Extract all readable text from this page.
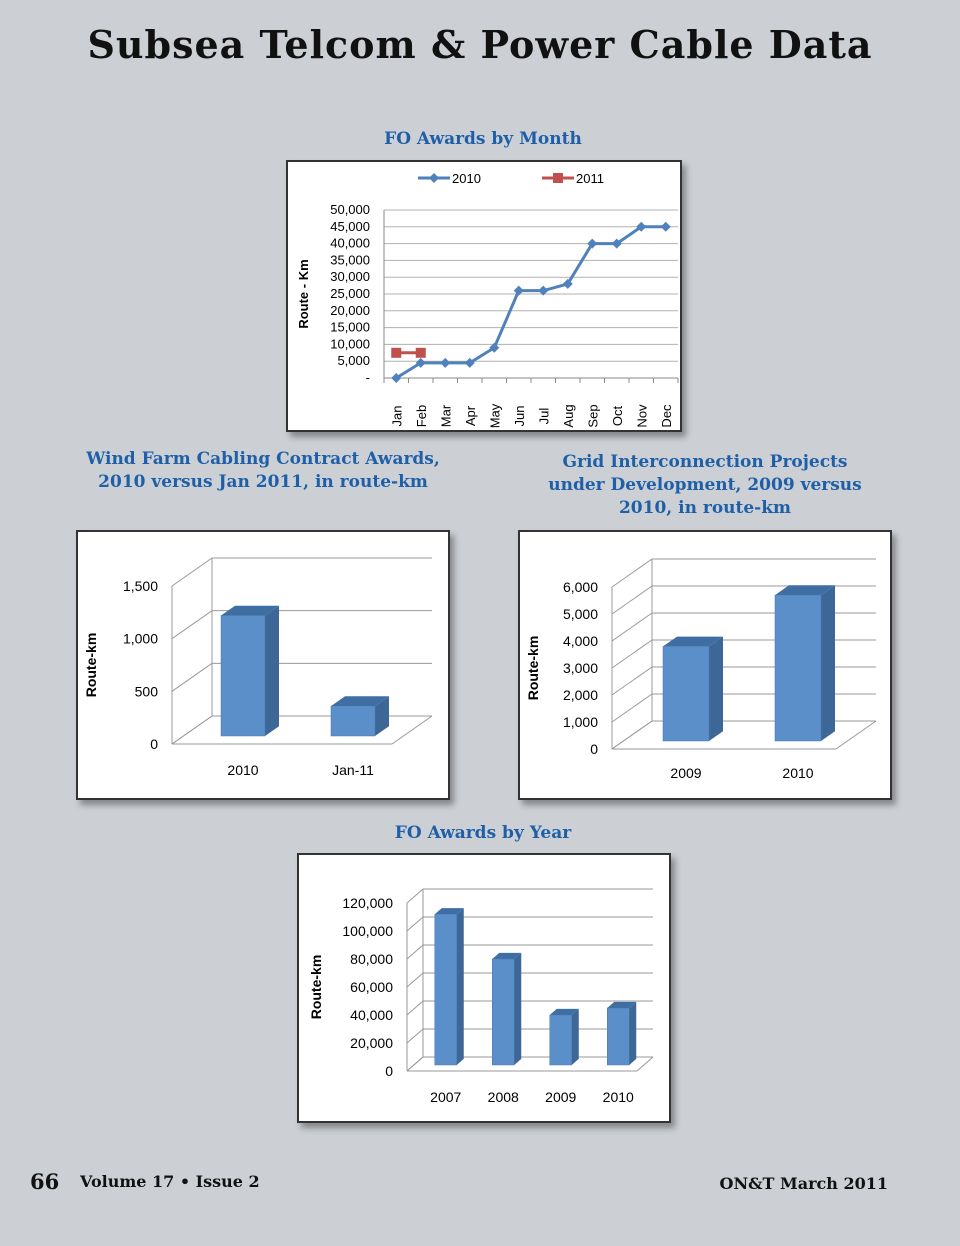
Subsea Telcom & Power Cable Data
FO Awards by Month
-
5,000
10,000
15,000
20,000
25,000
30,000
35,000
40,000
45,000
50,000
Jan Feb Mar Apr May Jun Jul Aug Sep Oct Nov Dec
Route - Km
2010	2011
Wind Farm Cabling Contract Awards,
2010 versus Jan 2011, in route-km
0
500
1,000
1,500
Route-km
2010	Jan-11
Grid Interconnection Projects
under Development, 2009 versus
2010, in route-km
0
1,000
2,000
3,000
4,000
5,000
6,000
Route-km
2009	2010
FO Awards by Year
0
20,000
40,000
60,000
80,000
100,000
120,000
Route-km
2007 2008 2009 2010
66 Volume 17 • Issue 2	ON&T March 2011
